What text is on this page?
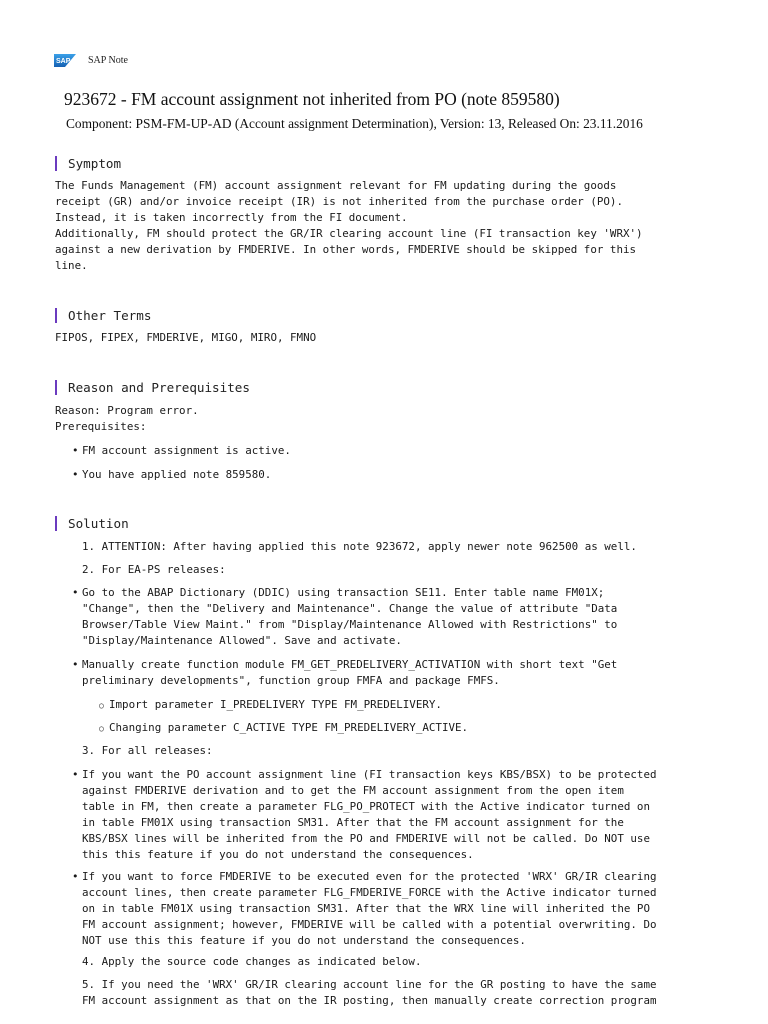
SAP SAP Note
923672 - FM account assignment not inherited from PO (note 859580)
Component: PSM-FM-UP-AD (Account assignment Determination), Version: 13, Released On: 23.11.2016
Symptom
The Funds Management (FM) account assignment relevant for FM updating during the goods
receipt (GR) and/or invoice receipt (IR) is not inherited from the purchase order (PO).
Instead, it is taken incorrectly from the FI document.
Additionally, FM should protect the GR/IR clearing account line (FI transaction key 'WRX')
against a new derivation by FMDERIVE. In other words, FMDERIVE should be skipped for this
line.
Other Terms
FIPOS, FIPEX, FMDERIVE, MIGO, MIRO, FMNO
Reason and Prerequisites
Reason: Program error.
Prerequisites:
• FM account assignment is active.
• You have applied note 859580.
Solution
1. ATTENTION: After having applied this note 923672, apply newer note 962500 as well.
2. For EA-PS releases:
• Go to the ABAP Dictionary (DDIC) using transaction SE11. Enter table name FM01X;
"Change", then the "Delivery and Maintenance". Change the value of attribute "Data
Browser/Table View Maint." from "Display/Maintenance Allowed with Restrictions" to
"Display/Maintenance Allowed". Save and activate.
• Manually create function module FM_GET_PREDELIVERY_ACTIVATION with short text "Get
preliminary developments", function group FMFA and package FMFS.
○ Import parameter I_PREDELIVERY TYPE FM_PREDELIVERY.
○ Changing parameter C_ACTIVE TYPE FM_PREDELIVERY_ACTIVE.
3. For all releases:
• If you want the PO account assignment line (FI transaction keys KBS/BSX) to be protected
against FMDERIVE derivation and to get the FM account assignment from the open item
table in FM, then create a parameter FLG_PO_PROTECT with the Active indicator turned on
in table FM01X using transaction SM31. After that the FM account assignment for the
KBS/BSX lines will be inherited from the PO and FMDERIVE will not be called. Do NOT use
this this feature if you do not understand the consequences.
• If you want to force FMDERIVE to be executed even for the protected 'WRX' GR/IR clearing
account lines, then create parameter FLG_FMDERIVE_FORCE with the Active indicator turned
on in table FM01X using transaction SM31. After that the WRX line will inherited the PO
FM account assignment; however, FMDERIVE will be called with a potential overwriting. Do
NOT use this this feature if you do not understand the consequences.
4. Apply the source code changes as indicated below.
5. If you need the 'WRX' GR/IR clearing account line for the GR posting to have the same
FM account assignment as that on the IR posting, then manually create correction program
